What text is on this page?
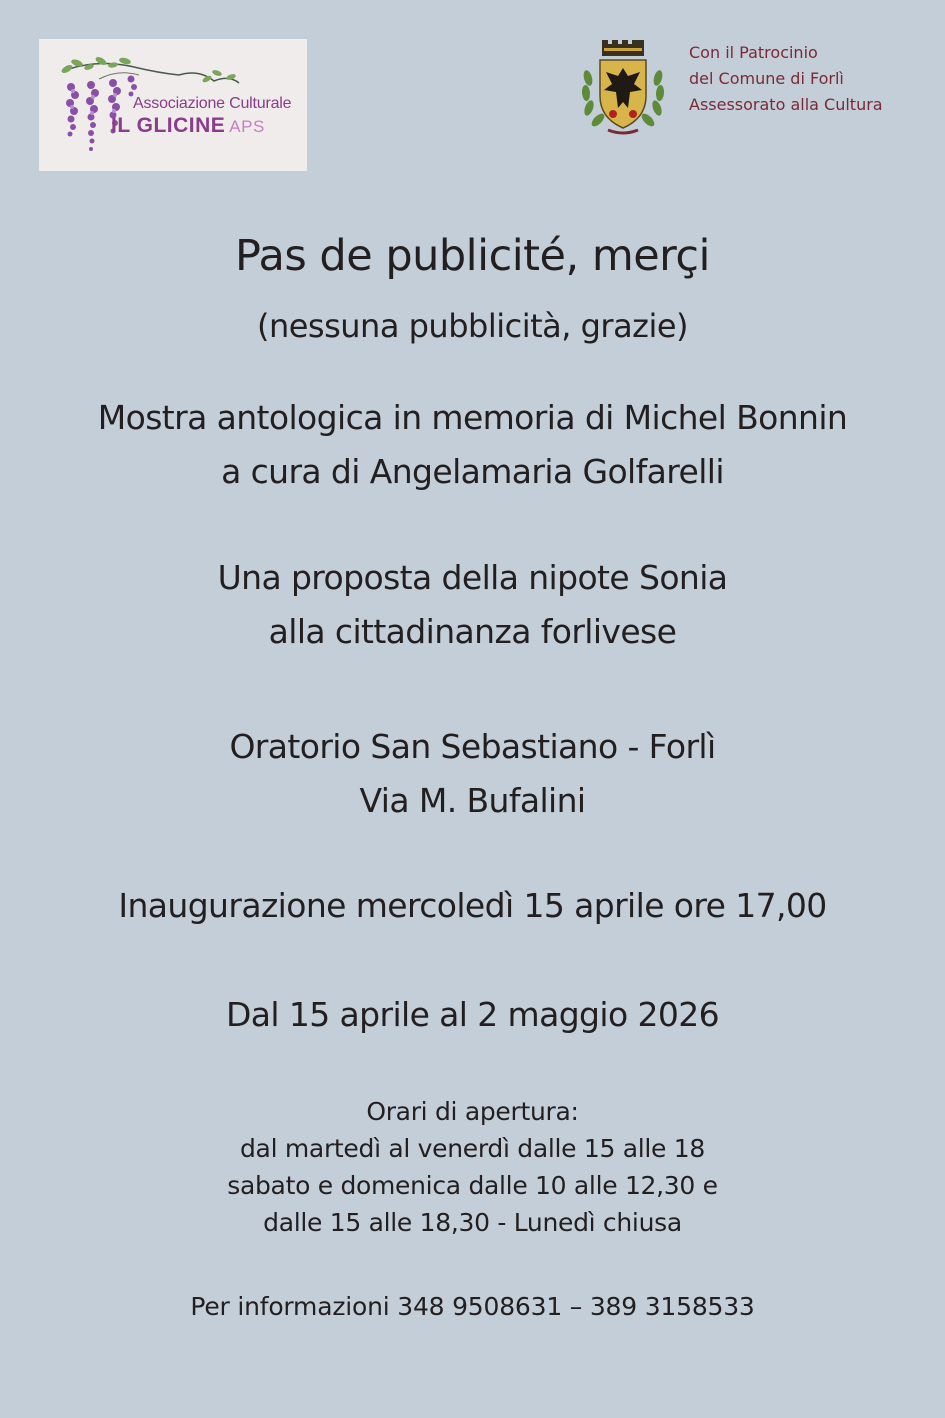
Associazione Culturale
IL GLICINE APS
Con il Patrocinio
del Comune di Forlì
Assessorato alla Cultura
Pas de publicité, merçi
(nessuna pubblicità, grazie)
Mostra antologica in memoria di Michel Bonnin
a cura di Angelamaria Golfarelli
Una proposta della nipote Sonia
alla cittadinanza forlivese
Oratorio San Sebastiano - Forlì
Via M. Bufalini
Inaugurazione mercoledì 15 aprile ore 17,00
Dal 15 aprile al 2 maggio 2026
Orari di apertura:
dal martedì al venerdì dalle 15 alle 18
sabato e domenica dalle 10 alle 12,30 e
dalle 15 alle 18,30 - Lunedì chiusa
Per informazioni 348 9508631 – 389 3158533
